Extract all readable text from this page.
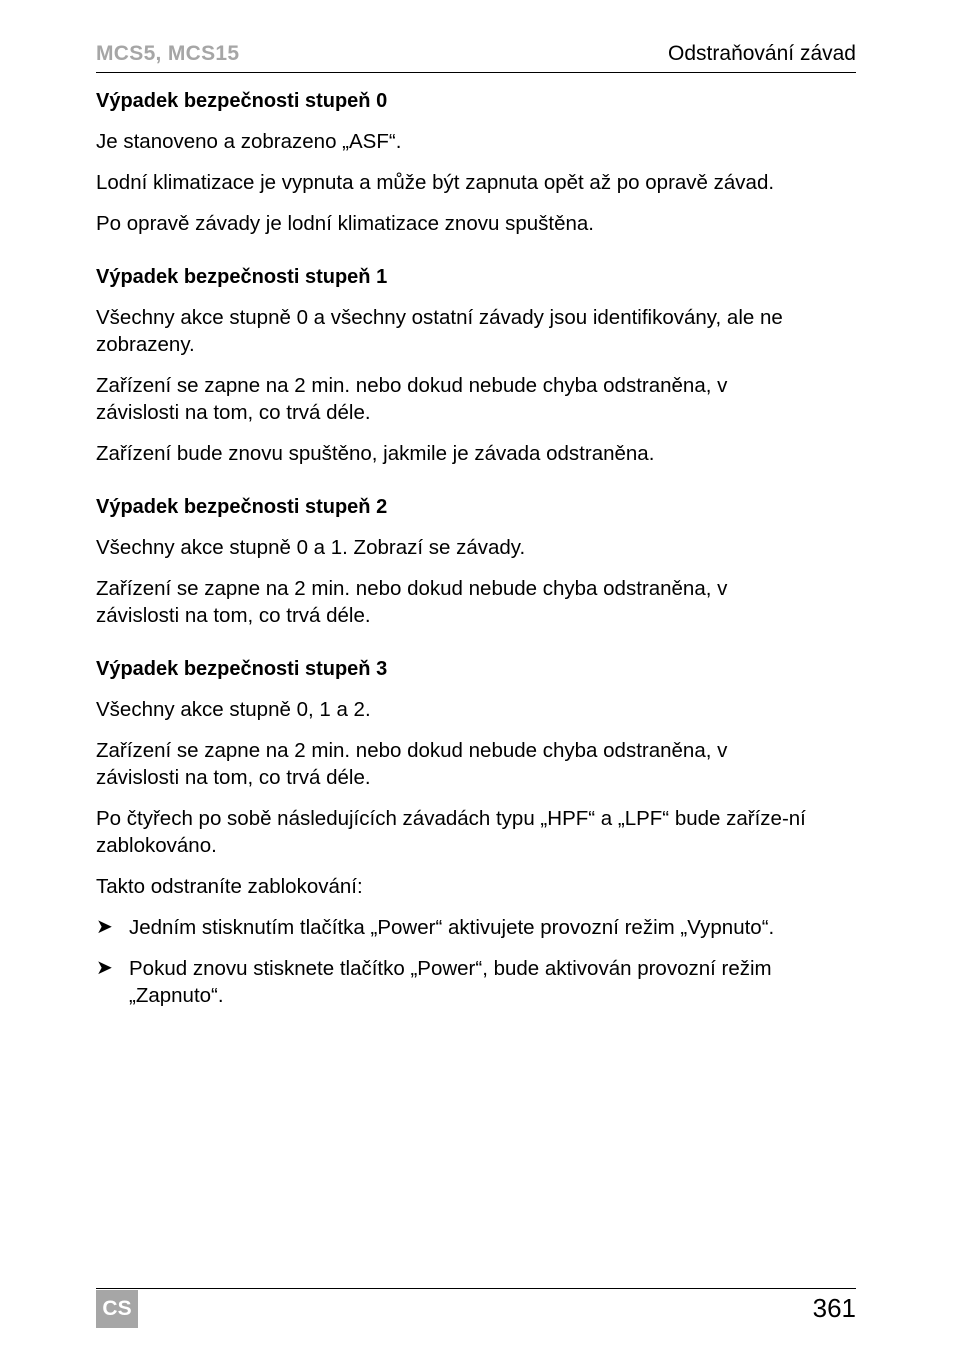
MCS5, MCS15	Odstraňování závad
Výpadek bezpečnosti stupeň 0

Je stanoveno a zobrazeno „ASF“.

Lodní klimatizace je vypnuta a může být zapnuta opět až po opravě závad.

Po opravě závady je lodní klimatizace znovu spuštěna.

Výpadek bezpečnosti stupeň 1

Všechny akce stupně 0 a všechny ostatní závady jsou identifikovány, ale ne zobrazeny.

Zařízení se zapne na 2 min. nebo dokud nebude chyba odstraněna, v závislosti na tom, co trvá déle.

Zařízení bude znovu spuštěno, jakmile je závada odstraněna.

Výpadek bezpečnosti stupeň 2

Všechny akce stupně 0 a 1. Zobrazí se závady.

Zařízení se zapne na 2 min. nebo dokud nebude chyba odstraněna, v závislosti na tom, co trvá déle.

Výpadek bezpečnosti stupeň 3

Všechny akce stupně 0, 1 a 2.

Zařízení se zapne na 2 min. nebo dokud nebude chyba odstraněna, v závislosti na tom, co trvá déle.

Po čtyřech po sobě následujících závadách typu „HPF“ a „LPF“ bude zaříze-ní zablokováno.

Takto odstraníte zablokování:

➤ Jedním stisknutím tlačítka „Power“ aktivujete provozní režim „Vypnuto“.
➤ Pokud znovu stisknete tlačítko „Power“, bude aktivován provozní režim „Zapnuto“.
CS	361
